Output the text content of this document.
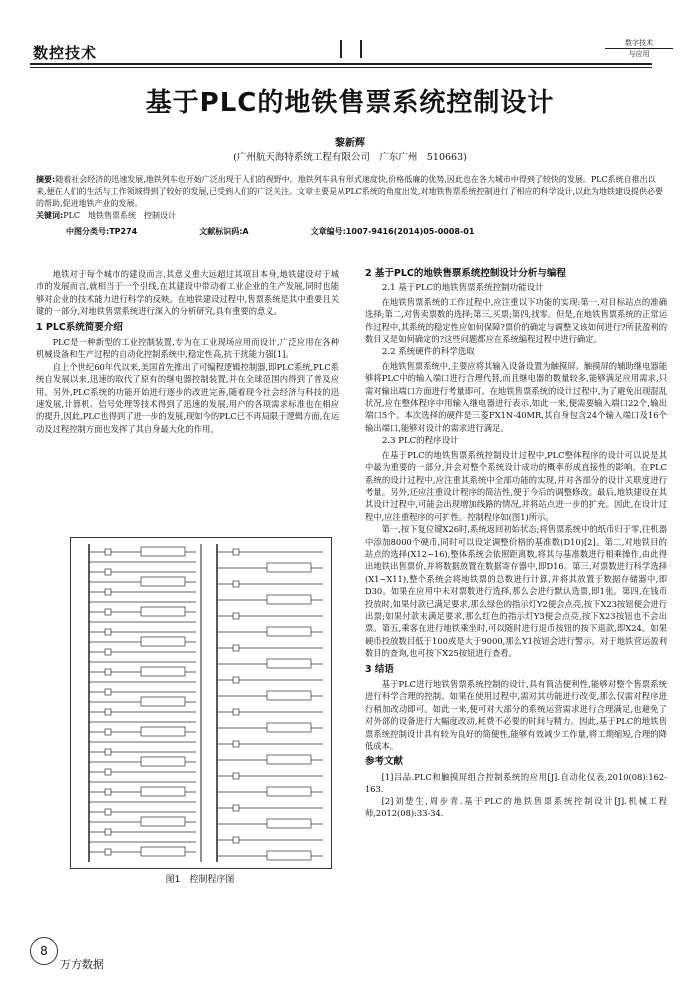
数控技术
数字技术
与应用
基于PLC的地铁售票系统控制设计
黎新辉
(广州航天海特系统工程有限公司　广东广州　510663)
摘要:随着社会经济的迅速发展,地铁列车也开始广泛出现于人们的视野中。地铁列车具有形式速度快,价格低廉的优势,因此也在各大城市中得到了较快的发展。PLC系统自推出以来,便在人们的生活与工作领域得到了较好的发展,已受到人们的广泛关注。文章主要是从PLC系统的角度出发,对地铁售票系统控制进行了相应的科学设计,以此为地铁建设提供必要的帮助,促进地铁产业的发展。
关键词:PLC　地铁售票系统　控制设计
中图分类号:TP274	文献标识码:A	文章编号:1007-9416(2014)05-0008-01

地铁对于每个城市的建设而言,其意义重大远超过其项目本身,地铁建设对于城市的发展而言,就相当于一个引线,在其建设中带动着工业企业的生产发展,同时也能够对企业的技术能力进行科学的反映。在地铁建设过程中,售票系统是其中重要且关键的一部分,对地铁售票系统进行深入的分析研究,具有重要的意义。

1 PLC系统简要介绍

PLC是一种新型的工业控制装置,专为在工业现场应用而设计,广泛应用在各种机械设备和生产过程的自动化控制系统中,稳定性高,抗干扰能力强[1]。

自上个世纪60年代以来,美国首先推出了可编程逻辑控制器,即PLC系统,PLC系统自发展以来,迅速的取代了原有的继电器控制装置,并在全球范围内得到了普及应用。另外,PLC系统的功能开始进行逐步的改进完善,随着现今社会经济与科技的迅速发展,计算机、信号处理等技术得到了迅速的发展,用户的各项需求标准也在相应的提升,因此,PLC也得到了进一步的发展,现如今的PLC已不再局限于逻辑方面,在运动及过程控制方面也发挥了其自身最大化的作用。

图1　控制程序图
2 基于PLC的地铁售票系统控制设计分析与编程
2.1 基于PLC的地铁售票系统控制功能设计

在地铁售票系统的工作过程中,应注重以下功能的实现:第一,对目标站点的准确选择;第二,对售卖票数的选择;第三,买票;第四,找零。但是,在地铁售票系统的正常运作过程中,其系统的稳定性应如何保障?票价的确定与调整又该如何进行?所获盈利的数目又是如何确定的?这些问题都应在系统编程过程中进行确定。

2.2 系统硬件的科学选取

在地铁售票系统中,主要应将其输入设备设置为触摸屏。触摸屏的辅助继电器能够将PLC中的输入端口进行合理代替,而且继电器的数量较多,能够满足应用需求,只需对输出端口方面进行考量即可。在地铁售票系统的设计过程中,为了避免出现混乱状况,应在整体程序中用输入继电器进行表示,如此一来,便需要输入端口22个,输出端口5个。本次选择的硬件是三菱FX1N-40MR,其自身包含24个输入端口及16个输出端口,能够对设计的需求进行满足。

2.3 PLC的程序设计

在基于PLC的地铁售票系统控制设计过程中,PLC整体程序的设计可以说是其中最为重要的一部分,并会对整个系统设计成功的概率形成直接性的影响。在PLC系统的设计过程中,应注重其系统中全部功能的实现,并对各部分的设计关联度进行考量。另外,还应注重设计程序的简洁性,便于今后的调整修改。最后,地铁建设在其其设计过程中,可能会出现增加线路的情况,并将站点进一步的扩充。因此,在设计过程中,应注重程序的可扩性。控制程序如(图1)所示。

第一,按下复位键X26时,系统返回初始状态;将售票系统中的纸币归于零,往机器中添加8000个硬币,同时可以设定调整价格的基准数(D10)[2]。第二,对地铁目的站点的选择(X12~16),整体系统会依照距离数,将其与基准数进行相乘操作,由此得出地铁出售票价,并将数据放置在数据寄存器中,即D16。第三,对票数进行科学选择(X1~X11),整个系统会将地铁票的总数进行计算,并将其放置于数据存储器中,即D30。如果在应用中未对票数进行选择,那么会进行默认选票,即1张。第四,在钱币投放时,如果付款已满足要求,那么绿色的指示灯Y2便会点亮,按下X23按钮便会进行出票;如果付款未满足要求,那么红色的指示灯Y3便会点亮,按下X23按钮也不会出票。第五,乘客在进行地铁乘坐时,可以随时进行退币按钮的按下退款,即X24。如果硬币投放数目低于100或是大于9000,那么Y1按钮会进行警示。对于地铁营运盈利数目的查询,也可按下X25按钮进行查看。

3 结语

基于PLC进行地铁售票系统控制的设计,具有简洁便利性,能够对整个售票系统进行科学合理的控制。如果在使用过程中,需对其功能进行改变,那么仅需对程序进行稍加改动即可。如此一来,便可对大部分的系统运营需求进行合理满足,也避免了对外部的设备进行大幅度改动,耗费不必要的时间与精力。因此,基于PLC的地铁售票系统控制设计具有较为良好的简便性,能够有效减少工作量,将工期缩短,合理的降低成本。

参考文献

[1]吕品.PLC和触摸屏组合控制系统的应用[J].自动化仪表,2010(08):162-163.

[2]刘楚生,周步青.基于PLC的地铁售票系统控制设计[J].机械工程师,2012(08):33-34.

8
万方数据
